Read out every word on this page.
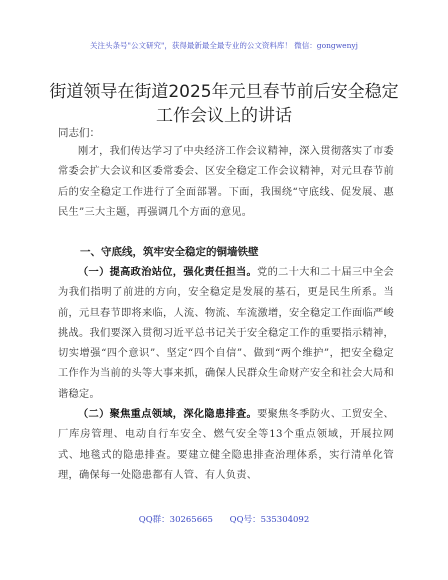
关注头条号"公文研究"，获得最新最全最专业的公文资料库！ 微信：gongwenyj
街道领导在街道2025年元旦春节前后安全稳定
工作会议上的讲话
同志们：
刚才，我们传达学习了中央经济工作会议精神，深入贯彻落实了市委常委会扩大会议和区委常委会、区安全稳定工作会议精神，对元旦春节前后的安全稳定工作进行了全面部署。下面，我围绕“守底线、促发展、惠民生”三大主题，再强调几个方面的意见。
一、守底线，筑牢安全稳定的铜墙铁壁
（一）提高政治站位，强化责任担当。党的二十大和二十届三中全会为我们指明了前进的方向，安全稳定是发展的基石，更是民生所系。当前，元旦春节即将来临，人流、物流、车流激增，安全稳定工作面临严峻挑战。我们要深入贯彻习近平总书记关于安全稳定工作的重要指示精神，切实增强“四个意识”、坚定“四个自信”、做到“两个维护”，把安全稳定工作作为当前的头等大事来抓，确保人民群众生命财产安全和社会大局和谐稳定。
（二）聚焦重点领域，深化隐患排查。要聚焦冬季防火、工贸安全、厂库房管理、电动自行车安全、燃气安全等13个重点领域，开展拉网式、地毯式的隐患排查。要建立健全隐患排查治理体系，实行清单化管理，确保每一处隐患都有人管、有人负责、
QQ群：30265665 QQ号：535304092
